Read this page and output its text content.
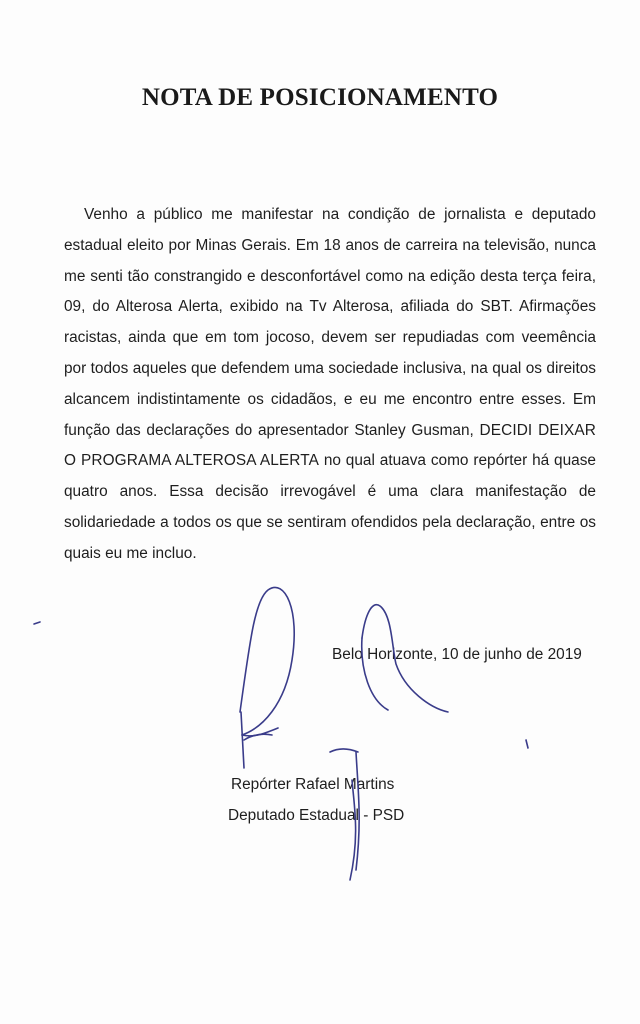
NOTA DE POSICIONAMENTO

Venho a público me manifestar na condição de jornalista e deputado estadual eleito por Minas Gerais. Em 18 anos de carreira na televisão, nunca me senti tão constrangido e desconfortável como na edição desta terça feira, 09, do Alterosa Alerta, exibido na Tv Alterosa, afiliada do SBT. Afirmações racistas, ainda que em tom jocoso, devem ser repudiadas com veemência por todos aqueles que defendem uma sociedade inclusiva, na qual os direitos alcancem indistintamente os cidadãos, e eu me encontro entre esses. Em função das declarações do apresentador Stanley Gusman, DECIDI DEIXAR O PROGRAMA ALTEROSA ALERTA no qual atuava como repórter há quase quatro anos. Essa decisão irrevogável é uma clara manifestação de solidariedade a todos os que se sentiram ofendidos pela declaração, entre os quais eu me incluo.

Belo Horizonte, 10 de junho de 2019
Repórter Rafael Martins
Deputado Estadual - PSD
